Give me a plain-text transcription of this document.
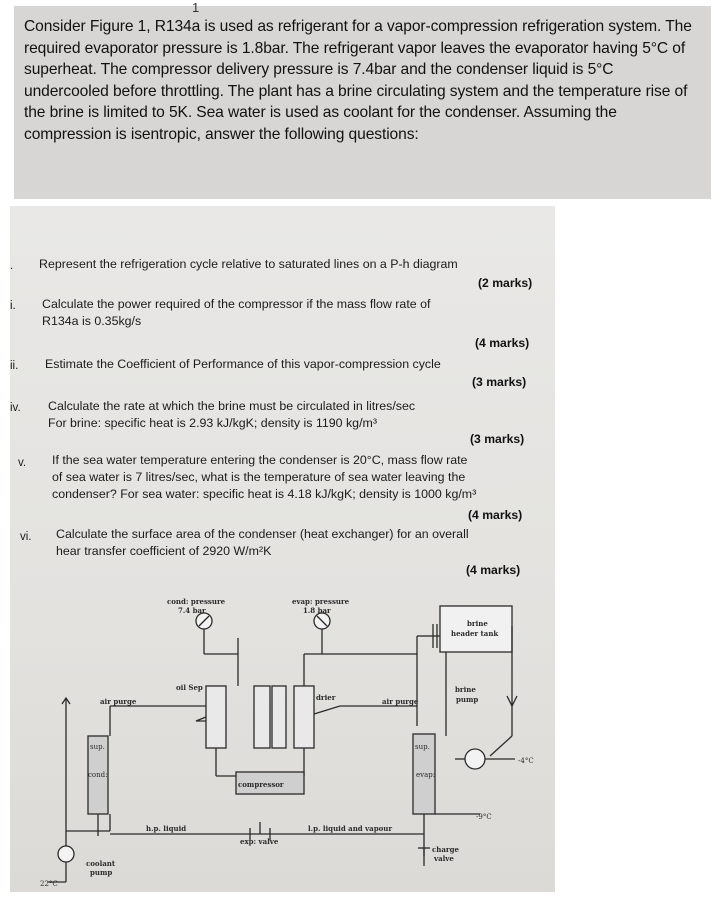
1

Consider Figure 1, R134a is used as refrigerant for a vapor-compression refrigeration system. The required evaporator pressure is 1.8bar. The refrigerant vapor leaves the evaporator having 5°C of superheat. The compressor delivery pressure is 7.4bar and the condenser liquid is 5°C undercooled before throttling. The plant has a brine circulating system and the temperature rise of the brine is limited to 5K. Sea water is used as coolant for the condenser. Assuming the compression is isentropic, answer the following questions:

.	Represent the refrigeration cycle relative to saturated lines on a P-h diagram
(2 marks)
i.	Calculate the power required of the compressor if the mass flow rate of
R134a is 0.35kg/s
(4 marks)
ii.	Estimate the Coefficient of Performance of this vapor-compression cycle
(3 marks)
iv.	Calculate the rate at which the brine must be circulated in litres/sec
For brine: specific heat is 2.93 kJ/kgK; density is 1190 kg/m³
(3 marks)
v.	If the sea water temperature entering the condenser is 20°C, mass flow rate
of sea water is 7 litres/sec, what is the temperature of sea water leaving the
condenser? For sea water: specific heat is 4.18 kJ/kgK; density is 1000 kg/m³
(4 marks)
vi.	Calculate the surface area of the condenser (heat exchanger) for an overall
hear transfer coefficient of 2920 W/m²K
(4 marks)
cond: pressure
7.4 bar
evap: pressure
1.8 bar
brine
header tank
oil Sep
drier
air purge	air purge
brine
pump
sup.	sup.
cond:	evap:
compressor
h.p. liquid	l.p. liquid and vapour
exp: valve
charge
valve
coolant
pump
22°C
-4°C
-9°C
